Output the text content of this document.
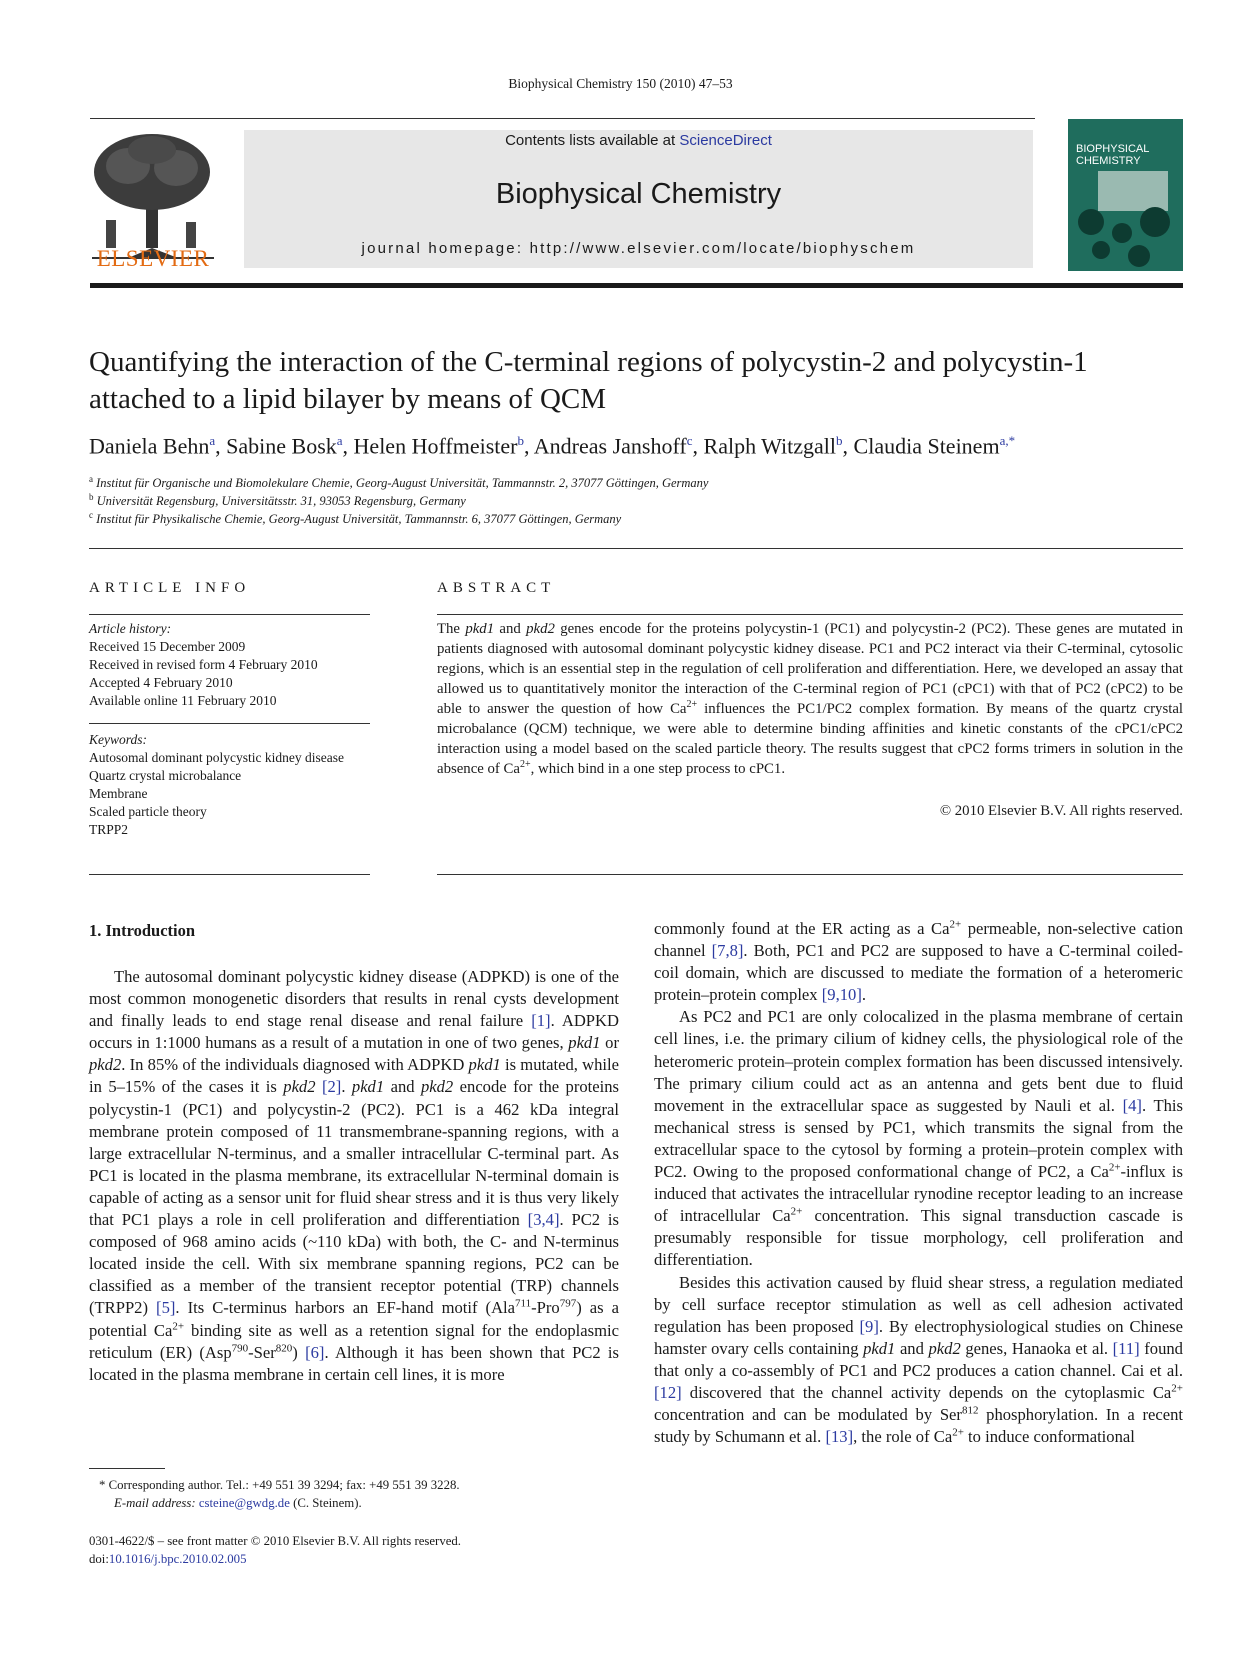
Biophysical Chemistry 150 (2010) 47–53
ELSEVIER
Contents lists available at ScienceDirect
Biophysical Chemistry
journal homepage: http://www.elsevier.com/locate/biophyschem
BIOPHYSICAL CHEMISTRY
Quantifying the interaction of the C-terminal regions of polycystin-2 and polycystin-1 attached to a lipid bilayer by means of QCM
Daniela Behn$^a$, Sabine Bosk$^a$, Helen Hoffmeister$^b$, Andreas Janshoff$^c$, Ralph Witzgall$^b$, Claudia Steinem$^{a,*}$
$^a$ Institut für Organische und Biomolekulare Chemie, Georg-August Universität, Tammannstr. 2, 37077 Göttingen, Germany
$^b$ Universität Regensburg, Universitätsstr. 31, 93053 Regensburg, Germany
$^c$ Institut für Physikalische Chemie, Georg-August Universität, Tammannstr. 6, 37077 Göttingen, Germany
ARTICLE INFO
Article history:
Received 15 December 2009
Received in revised form 4 February 2010
Accepted 4 February 2010
Available online 11 February 2010
Keywords:
Autosomal dominant polycystic kidney disease
Quartz crystal microbalance
Membrane
Scaled particle theory
TRPP2
ABSTRACT
The pkd1 and pkd2 genes encode for the proteins polycystin-1 (PC1) and polycystin-2 (PC2). These genes are mutated in patients diagnosed with autosomal dominant polycystic kidney disease. PC1 and PC2 interact via their C-terminal, cytosolic regions, which is an essential step in the regulation of cell proliferation and differentiation. Here, we developed an assay that allowed us to quantitatively monitor the interaction of the C-terminal region of PC1 (cPC1) with that of PC2 (cPC2) to be able to answer the question of how $Ca^{2+}$ influences the PC1/PC2 complex formation. By means of the quartz crystal microbalance (QCM) technique, we were able to determine binding affinities and kinetic constants of the cPC1/cPC2 interaction using a model based on the scaled particle theory. The results suggest that cPC2 forms trimers in solution in the absence of $Ca^{2+}$, which bind in a one step process to cPC1.
© 2010 Elsevier B.V. All rights reserved.
1. Introduction

The autosomal dominant polycystic kidney disease (ADPKD) is one of the most common monogenetic disorders that results in renal cysts development and finally leads to end stage renal disease and renal failure [1]. ADPKD occurs in 1:1000 humans as a result of a mutation in one of two genes, pkd1 or pkd2. In 85% of the individuals diagnosed with ADPKD pkd1 is mutated, while in 5–15% of the cases it is pkd2 [2]. pkd1 and pkd2 encode for the proteins polycystin-1 (PC1) and polycystin-2 (PC2). PC1 is a 462 kDa integral membrane protein composed of 11 transmembrane-spanning regions, with a large extracellular N-terminus, and a smaller intracellular C-terminal part. As PC1 is located in the plasma membrane, its extracellular N-terminal domain is capable of acting as a sensor unit for fluid shear stress and it is thus very likely that PC1 plays a role in cell proliferation and differentiation [3,4]. PC2 is composed of 968 amino acids (~110 kDa) with both, the C- and N-terminus located inside the cell. With six membrane spanning regions, PC2 can be classified as a member of the transient receptor potential (TRP) channels (TRPP2) [5]. Its C-terminus harbors an EF-hand motif (Ala$^{711}$-Pro$^{797}$) as a potential $Ca^{2+}$ binding site as well as a retention signal for the endoplasmic reticulum (ER) (Asp$^{790}$-Ser$^{820}$) [6]. Although it has been shown that PC2 is located in the plasma membrane in certain cell lines, it is more

commonly found at the ER acting as a $Ca^{2+}$ permeable, non-selective cation channel [7,8]. Both, PC1 and PC2 are supposed to have a C-terminal coiled-coil domain, which are discussed to mediate the formation of a heteromeric protein–protein complex [9,10].

As PC2 and PC1 are only colocalized in the plasma membrane of certain cell lines, i.e. the primary cilium of kidney cells, the physiological role of the heteromeric protein–protein complex formation has been discussed intensively. The primary cilium could act as an antenna and gets bent due to fluid movement in the extracellular space as suggested by Nauli et al. [4]. This mechanical stress is sensed by PC1, which transmits the signal from the extracellular space to the cytosol by forming a protein–protein complex with PC2. Owing to the proposed conformational change of PC2, a $Ca^{2+}$-influx is induced that activates the intracellular rynodine receptor leading to an increase of intracellular $Ca^{2+}$ concentration. This signal transduction cascade is presumably responsible for tissue morphology, cell proliferation and differentiation.

Besides this activation caused by fluid shear stress, a regulation mediated by cell surface receptor stimulation as well as cell adhesion activated regulation has been proposed [9]. By electrophysiological studies on Chinese hamster ovary cells containing pkd1 and pkd2 genes, Hanaoka et al. [11] found that only a co-assembly of PC1 and PC2 produces a cation channel. Cai et al. [12] discovered that the channel activity depends on the cytoplasmic $Ca^{2+}$ concentration and can be modulated by Ser$^{812}$ phosphorylation. In a recent study by Schumann et al. [13], the role of $Ca^{2+}$ to induce conformational

* Corresponding author. Tel.: +49 551 39 3294; fax: +49 551 39 3228.
E-mail address: csteine@gwdg.de (C. Steinem).
0301-4622/$ – see front matter © 2010 Elsevier B.V. All rights reserved.
doi:10.1016/j.bpc.2010.02.005
